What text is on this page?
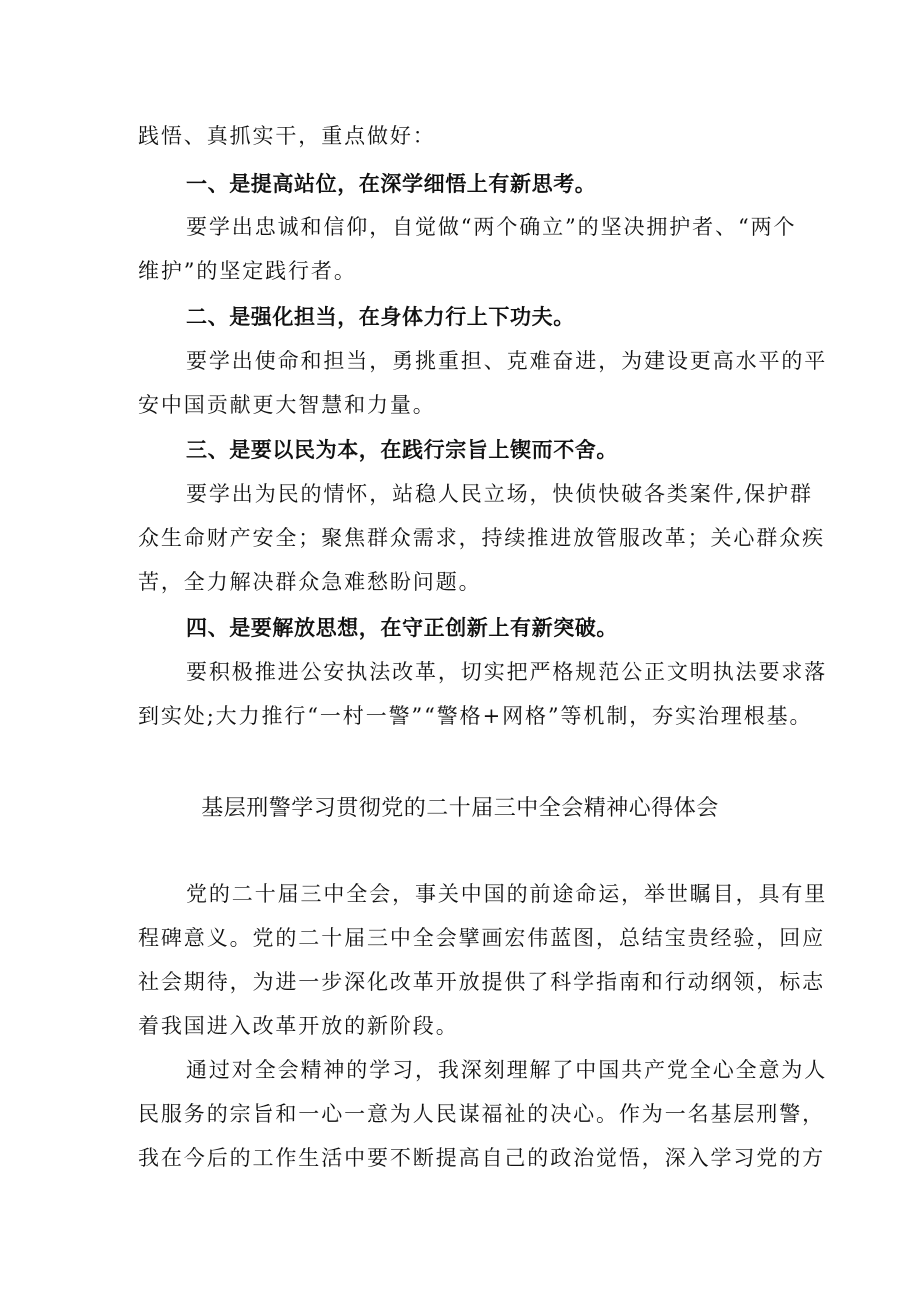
践悟、真抓实干，重点做好：

一、是提高站位，在深学细悟上有新思考。

要学出忠诚和信仰，自觉做“两个确立”的坚决拥护者、“两个

维护”的坚定践行者。

二、是强化担当，在身体力行上下功夫。

要学出使命和担当，勇挑重担、克难奋进，为建设更高水平的平

安中国贡献更大智慧和力量。

三、是要以民为本，在践行宗旨上锲而不舍。

要学出为民的情怀，站稳人民立场，快侦快破各类案件,保护群

众生命财产安全；聚焦群众需求，持续推进放管服改革；关心群众疾

苦，全力解决群众急难愁盼问题。

四、是要解放思想，在守正创新上有新突破。

要积极推进公安执法改革，切实把严格规范公正文明执法要求落

到实处;大力推行“一村一警”“警格+网格”等机制，夯实治理根基。

基层刑警学习贯彻党的二十届三中全会精神心得体会

党的二十届三中全会，事关中国的前途命运，举世瞩目，具有里

程碑意义。党的二十届三中全会擘画宏伟蓝图，总结宝贵经验，回应

社会期待，为进一步深化改革开放提供了科学指南和行动纲领，标志

着我国进入改革开放的新阶段。

通过对全会精神的学习，我深刻理解了中国共产党全心全意为人

民服务的宗旨和一心一意为人民谋福祉的决心。作为一名基层刑警，

我在今后的工作生活中要不断提高自己的政治觉悟，深入学习党的方
